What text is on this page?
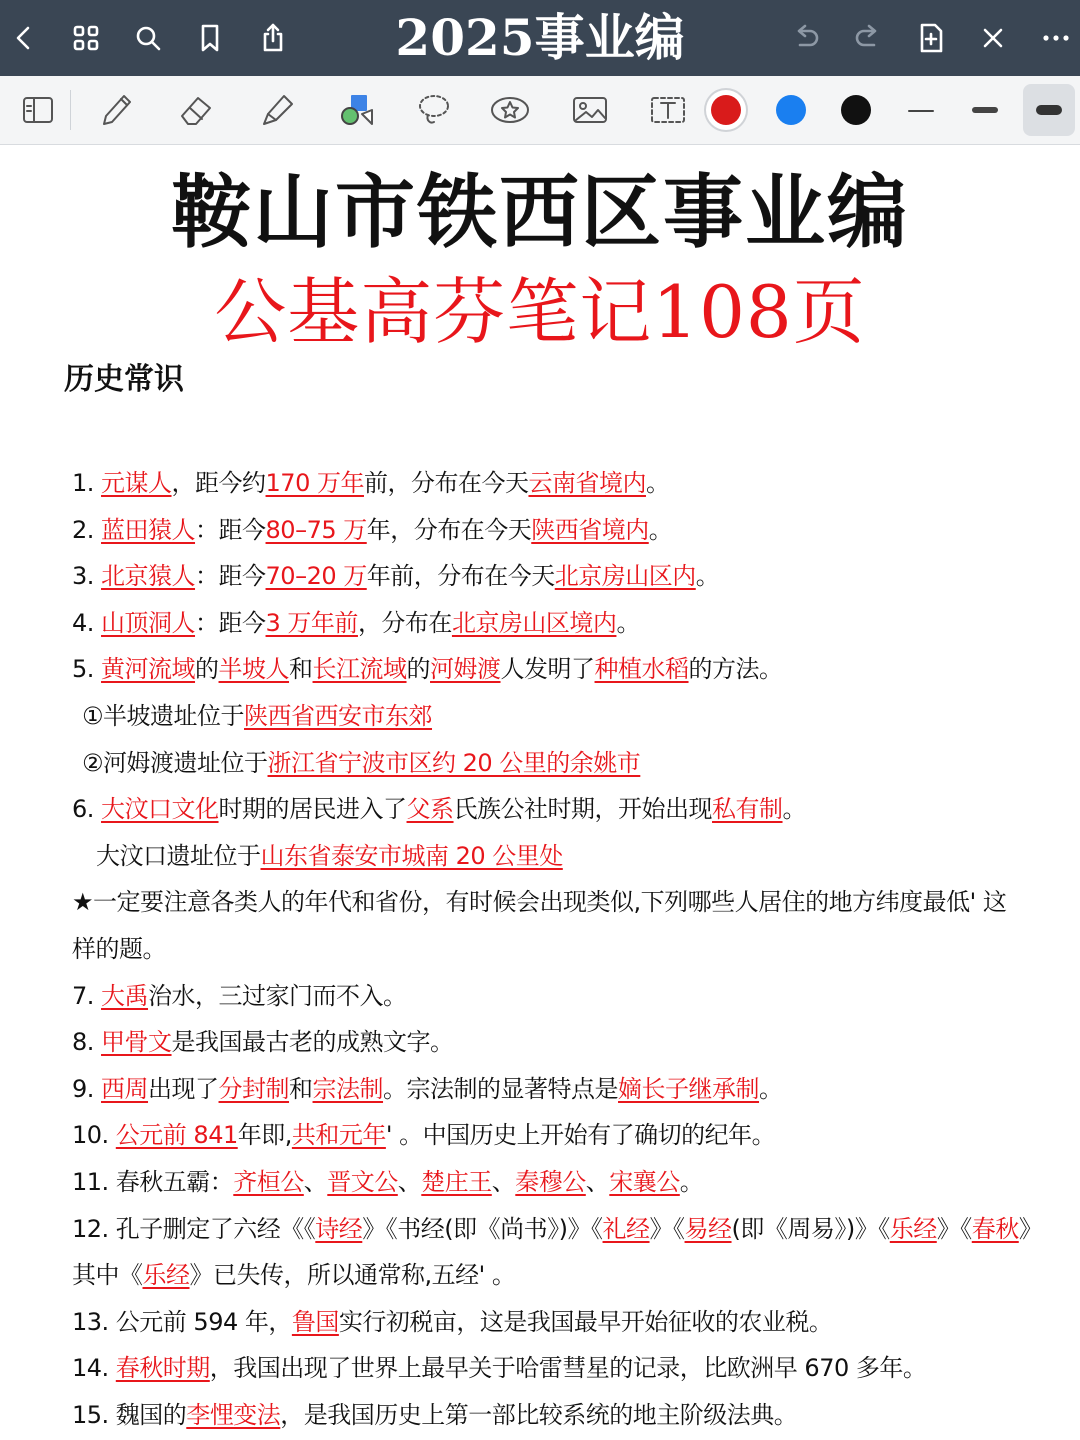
2025事业编
鞍山市铁西区事业编
公基高芬笔记108页
历史常识
1. 元谋人，距今约170 万年前，分布在今天云南省境内。
2. 蓝田猿人：距今80–75 万年，分布在今天陕西省境内。
3. 北京猿人：距今70–20 万年前，分布在今天北京房山区内。
4. 山顶洞人：距今3 万年前，分布在北京房山区境内。
5. 黄河流域的半坡人和长江流域的河姆渡人发明了种植水稻的方法。
①半坡遗址位于陕西省西安市东郊
②河姆渡遗址位于浙江省宁波市区约 20 公里的余姚市
6. 大汶口文化时期的居民进入了父系氏族公社时期，开始出现私有制。
大汶口遗址位于山东省泰安市城南 20 公里处
★一定要注意各类人的年代和省份，有时候会出现类似,下列哪些人居住的地方纬度最低' 这
样的题。
7. 大禹治水，三过家门而不入。
8. 甲骨文是我国最古老的成熟文字。
9. 西周出现了分封制和宗法制。宗法制的显著特点是嫡长子继承制。
10. 公元前 841年即,共和元年' 。中国历史上开始有了确切的纪年。
11. 春秋五霸：齐桓公、晋文公、楚庄王、秦穆公、宋襄公。
12. 孔子删定了六经《《诗经》《书经(即《尚书》)》《礼经》《易经(即《周易》)》《乐经》《春秋》
其中《乐经》已失传，所以通常称,五经' 。
13. 公元前 594 年，鲁国实行初税亩，这是我国最早开始征收的农业税。
14. 春秋时期，我国出现了世界上最早关于哈雷彗星的记录，比欧洲早 670 多年。
15. 魏国的李悝变法，是我国历史上第一部比较系统的地主阶级法典。
